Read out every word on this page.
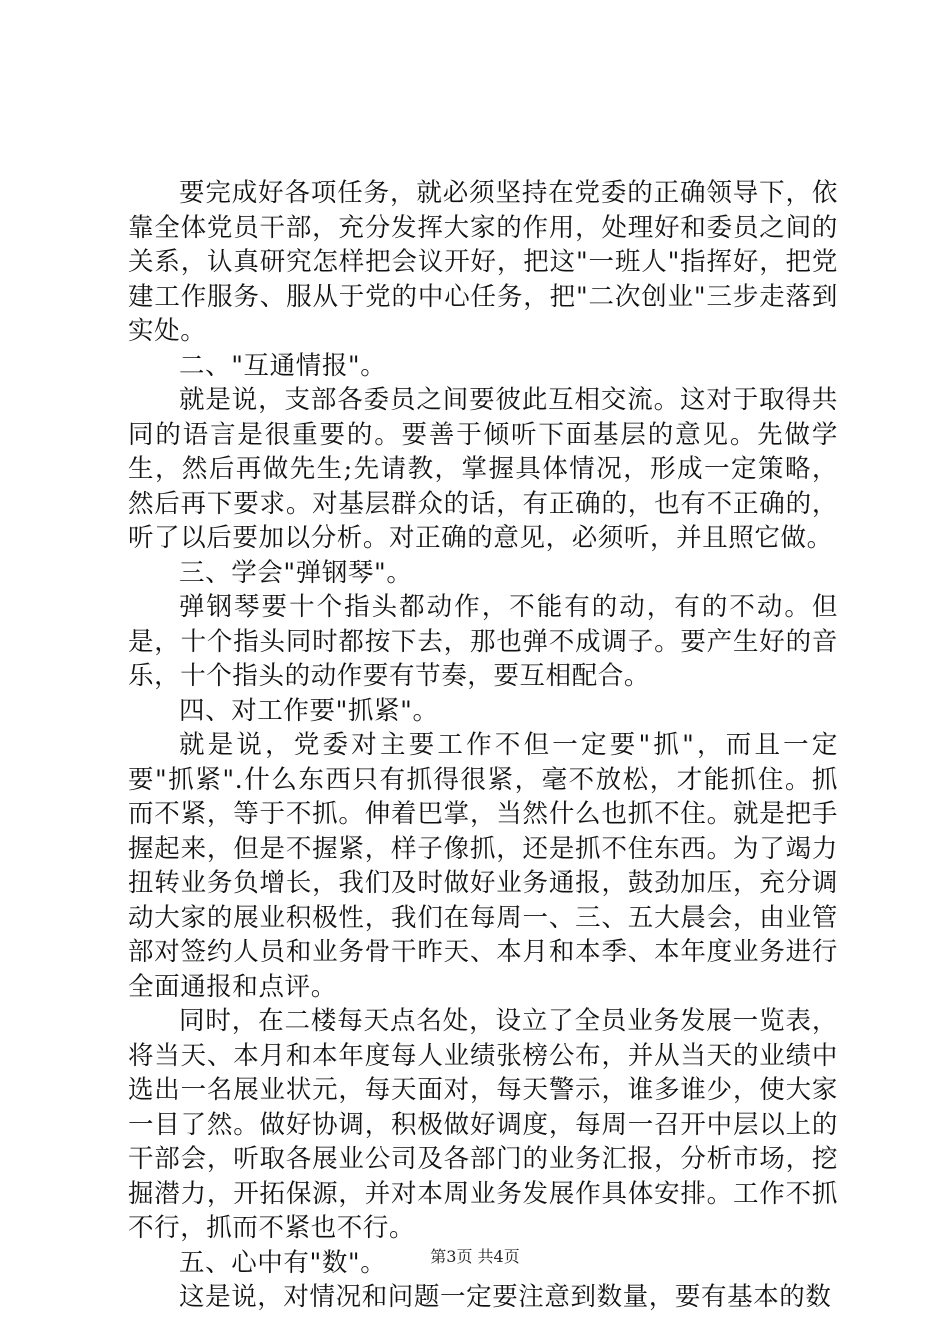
要完成好各项任务，就必须坚持在党委的正确领导下，依靠全体党员干部，充分发挥大家的作用，处理好和委员之间的关系，认真研究怎样把会议开好，把这"一班人"指挥好，把党建工作服务、服从于党的中心任务，把"二次创业"三步走落到实处。

二、"互通情报"。

就是说，支部各委员之间要彼此互相交流。这对于取得共同的语言是很重要的。要善于倾听下面基层的意见。先做学生，然后再做先生;先请教，掌握具体情况，形成一定策略，然后再下要求。对基层群众的话，有正确的，也有不正确的，听了以后要加以分析。对正确的意见，必须听，并且照它做。

三、学会"弹钢琴"。

弹钢琴要十个指头都动作，不能有的动，有的不动。但是，十个指头同时都按下去，那也弹不成调子。要产生好的音乐，十个指头的动作要有节奏，要互相配合。

四、对工作要"抓紧"。

就是说，党委对主要工作不但一定要"抓"，而且一定要"抓紧".什么东西只有抓得很紧，毫不放松，才能抓住。抓而不紧，等于不抓。伸着巴掌，当然什么也抓不住。就是把手握起来，但是不握紧，样子像抓，还是抓不住东西。为了竭力扭转业务负增长，我们及时做好业务通报，鼓劲加压，充分调动大家的展业积极性，我们在每周一、三、五大晨会，由业管部对签约人员和业务骨干昨天、本月和本季、本年度业务进行全面通报和点评。

同时，在二楼每天点名处，设立了全员业务发展一览表，将当天、本月和本年度每人业绩张榜公布，并从当天的业绩中选出一名展业状元，每天面对，每天警示，谁多谁少，使大家一目了然。做好协调，积极做好调度，每周一召开中层以上的干部会，听取各展业公司及各部门的业务汇报，分析市场，挖掘潜力，开拓保源，并对本周业务发展作具体安排。工作不抓不行，抓而不紧也不行。

五、心中有"数"。

这是说，对情况和问题一定要注意到数量，要有基本的数

第3页 共4页
